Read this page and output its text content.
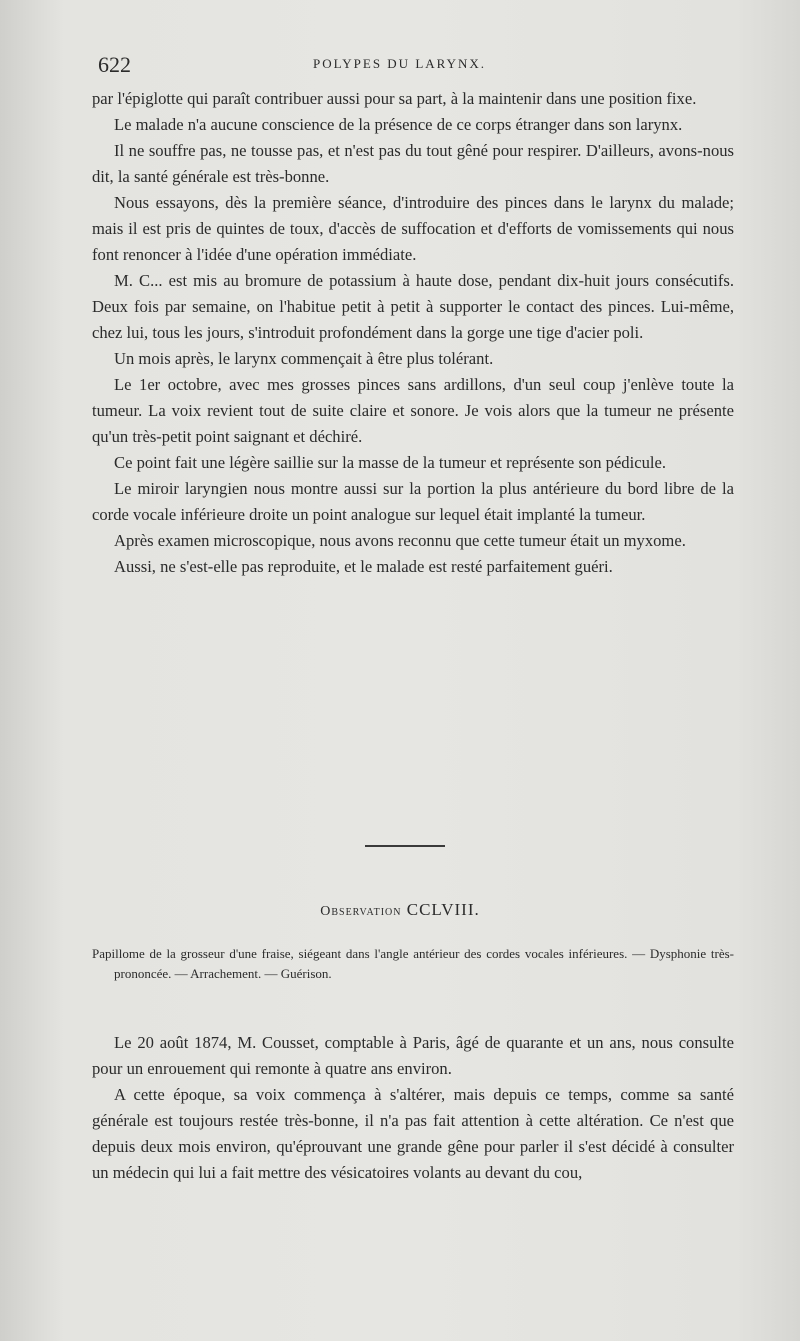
622	POLYPES DU LARYNX.

par l'épiglotte qui paraît contribuer aussi pour sa part, à la maintenir dans une position fixe.

Le malade n'a aucune conscience de la présence de ce corps étranger dans son larynx.

Il ne souffre pas, ne tousse pas, et n'est pas du tout gêné pour respirer. D'ailleurs, avons-nous dit, la santé générale est très-bonne.

Nous essayons, dès la première séance, d'introduire des pinces dans le larynx du malade; mais il est pris de quintes de toux, d'accès de suffocation et d'efforts de vomissements qui nous font renoncer à l'idée d'une opération immédiate.

M. C... est mis au bromure de potassium à haute dose, pendant dix-huit jours consécutifs. Deux fois par semaine, on l'habitue petit à petit à supporter le contact des pinces. Lui-même, chez lui, tous les jours, s'introduit profondément dans la gorge une tige d'acier poli.

Un mois après, le larynx commençait à être plus tolérant.

Le 1er octobre, avec mes grosses pinces sans ardillons, d'un seul coup j'enlève toute la tumeur. La voix revient tout de suite claire et sonore. Je vois alors que la tumeur ne présente qu'un très-petit point saignant et déchiré.

Ce point fait une légère saillie sur la masse de la tumeur et représente son pédicule.

Le miroir laryngien nous montre aussi sur la portion la plus antérieure du bord libre de la corde vocale inférieure droite un point analogue sur lequel était implanté la tumeur.

Après examen microscopique, nous avons reconnu que cette tumeur était un myxome.

Aussi, ne s'est-elle pas reproduite, et le malade est resté parfaitement guéri.

Observation CCLVIII.

Papillome de la grosseur d'une fraise, siégeant dans l'angle antérieur des cordes vocales inférieures. — Dysphonie très-prononcée. — Arrachement. — Guérison.

Le 20 août 1874, M. Cousset, comptable à Paris, âgé de quarante et un ans, nous consulte pour un enrouement qui remonte à quatre ans environ.

A cette époque, sa voix commença à s'altérer, mais depuis ce temps, comme sa santé générale est toujours restée très-bonne, il n'a pas fait attention à cette altération. Ce n'est que depuis deux mois environ, qu'éprouvant une grande gêne pour parler il s'est décidé à consulter un médecin qui lui a fait mettre des vésicatoires volants au devant du cou,
